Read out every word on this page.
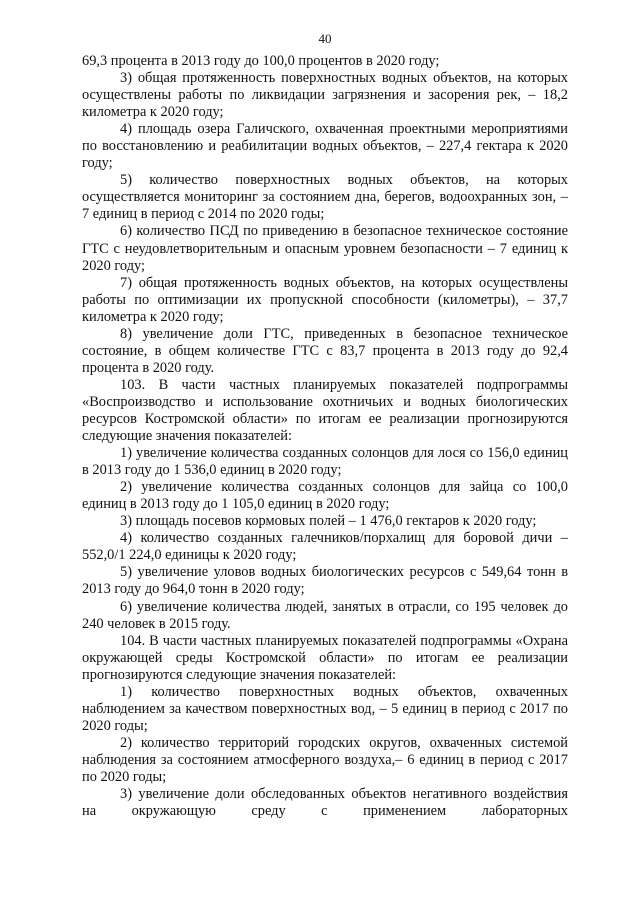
40

69,3 процента в 2013 году до 100,0 процентов в 2020 году;

3) общая протяженность поверхностных водных объектов, на которых осуществлены работы по ликвидации загрязнения и засорения рек, – 18,2 километра к 2020 году;

4) площадь озера Галичского, охваченная проектными мероприятиями по восстановлению и реабилитации водных объектов, – 227,4 гектара к 2020 году;

5) количество поверхностных водных объектов, на которых осуществляется мониторинг за состоянием дна, берегов, водоохранных зон, – 7 единиц в период с 2014 по 2020 годы;

6) количество ПСД по приведению в безопасное техническое состояние ГТС с неудовлетворительным и опасным уровнем безопасности – 7 единиц к 2020 году;

7) общая протяженность водных объектов, на которых осуществлены работы по оптимизации их пропускной способности (километры), – 37,7 километра к 2020 году;

8) увеличение доли ГТС, приведенных в безопасное техническое состояние, в общем количестве ГТС с 83,7 процента в 2013 году до 92,4 процента в 2020 году.

103. В части частных планируемых показателей подпрограммы «Воспроизводство и использование охотничьих и водных биологических ресурсов Костромской области» по итогам ее реализации прогнозируются следующие значения показателей:

1) увеличение количества созданных солонцов для лося со 156,0 единиц в 2013 году до 1 536,0 единиц в 2020 году;

2) увеличение количества созданных солонцов для зайца со 100,0 единиц в 2013 году до 1 105,0 единиц в 2020 году;

3) площадь посевов кормовых полей – 1 476,0 гектаров к 2020 году;

4) количество созданных галечников/порхалищ для боровой дичи – 552,0/1 224,0 единицы к 2020 году;

5) увеличение уловов водных биологических ресурсов с 549,64 тонн в 2013 году до 964,0 тонн в 2020 году;

6) увеличение количества людей, занятых в отрасли, со 195 человек до 240 человек в 2015 году.

104. В части частных планируемых показателей подпрограммы «Охрана окружающей среды Костромской области» по итогам ее реализации прогнозируются следующие значения показателей:

1) количество поверхностных водных объектов, охваченных наблюдением за качеством поверхностных вод, – 5 единиц в период с 2017 по 2020 годы;

2) количество территорий городских округов, охваченных системой наблюдения за состоянием атмосферного воздуха,– 6 единиц в период с 2017 по 2020 годы;

3) увеличение доли обследованных объектов негативного воздействия на окружающую среду с применением лабораторных
